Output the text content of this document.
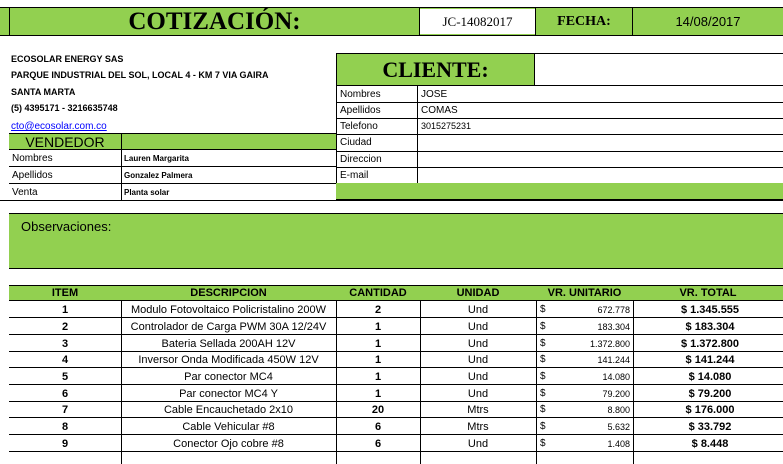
COTIZACIÓN:	JC-14082017	FECHA:	14/08/2017
ECOSOLAR ENERGY SAS
PARQUE INDUSTRIAL DEL SOL, LOCAL 4 - KM 7 VIA GAIRA
SANTA MARTA
(5) 4395171 - 3216635748
cto@ecosolar.com.co
VENDEDOR
Nombres	Lauren Margarita
Apellidos	Gonzalez Palmera
Venta	Planta solar
CLIENTE:
Nombres	JOSE
Apellidos	COMAS
Telefono	3015275231
Ciudad
Direccion
E-mail
Observaciones:
ITEM	DESCRIPCION	CANTIDAD	UNIDAD	VR. UNITARIO	VR. TOTAL
1	Modulo Fotovoltaico Policristalino 200W	2	Und	672.778	$ 1.345.555
$
2	Controlador de Carga PWM 30A 12/24V	1	Und	183.304	$ 183.304
$
3	Bateria Sellada 200AH 12V	1	Und	1.372.800	$ 1.372.800
$
4	Inversor Onda Modificada 450W 12V	1	Und	141.244	$ 141.244
$
5	Par conector MC4	1	Und	14.080	$ 14.080
$
6	Par conector MC4 Y	1	Und	79.200	$ 79.200
$
7	Cable Encauchetado 2x10	20	Mtrs	8.800	$ 176.000
$
8	Cable Vehicular #8	6	Mtrs	5.632	$ 33.792
$
9	Conector Ojo cobre #8	6	Und	1.408	$ 8.448
$
